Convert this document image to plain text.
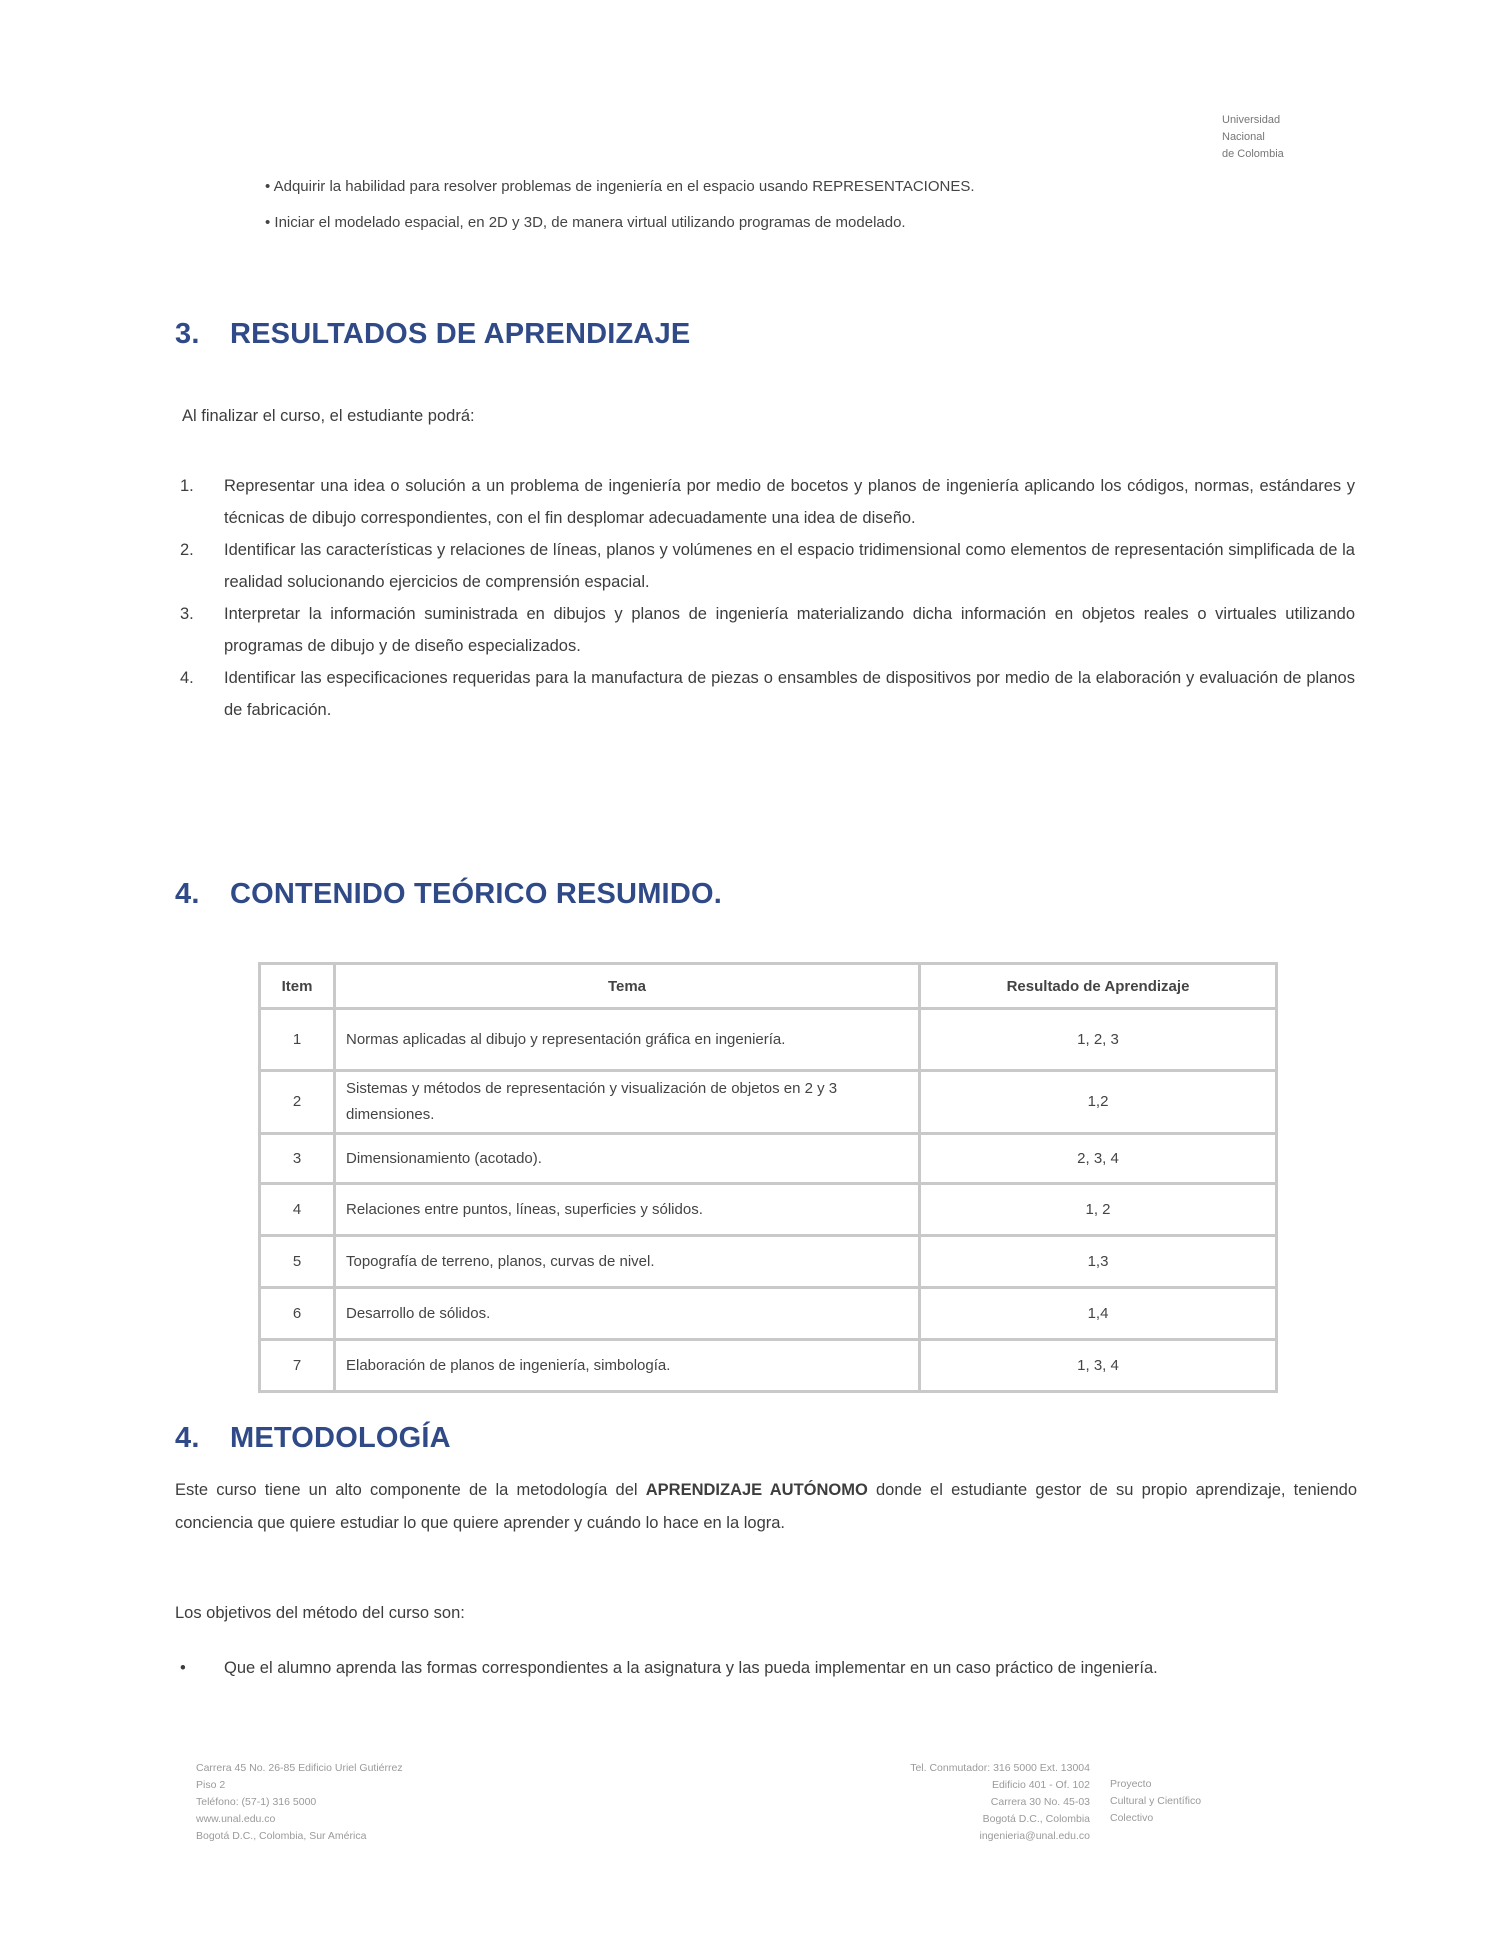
Universidad
Nacional
de Colombia
• Adquirir la habilidad para resolver problemas de ingeniería en el espacio usando REPRESENTACIONES.
• Iniciar el modelado espacial, en 2D y 3D, de manera virtual utilizando programas de modelado.
3. RESULTADOS DE APRENDIZAJE
Al finalizar el curso, el estudiante podrá:
1.	Representar una idea o solución a un problema de ingeniería por medio de bocetos y planos de ingeniería aplicando los códigos, normas, estándares y técnicas de dibujo correspondientes, con el fin desplomar adecuadamente una idea de diseño.
2.	Identificar las características y relaciones de líneas, planos y volúmenes en el espacio tridimensional como elementos de representación simplificada de la realidad solucionando ejercicios de comprensión espacial.
3.	Interpretar la información suministrada en dibujos y planos de ingeniería materializando dicha información en objetos reales o virtuales utilizando programas de dibujo y de diseño especializados.
4.	Identificar las especificaciones requeridas para la manufactura de piezas o ensambles de dispositivos por medio de la elaboración y evaluación de planos de fabricación.
4. CONTENIDO TEÓRICO RESUMIDO.
Item	Tema	Resultado de Aprendizaje
1	Normas aplicadas al dibujo y representación gráfica en ingeniería.	1, 2, 3
2	Sistemas y métodos de representación y visualización de objetos en 2 y 3 dimensiones.	1,2
3	Dimensionamiento (acotado).	2, 3, 4
4	Relaciones entre puntos, líneas, superficies y sólidos.	1, 2
5	Topografía de terreno, planos, curvas de nivel.	1,3
6	Desarrollo de sólidos.	1,4
7	Elaboración de planos de ingeniería, simbología.	1, 3, 4
4. METODOLOGÍA
Este curso tiene un alto componente de la metodología del APRENDIZAJE AUTÓNOMO donde el estudiante gestor de su propio aprendizaje, teniendo conciencia que quiere estudiar lo que quiere aprender y cuándo lo hace en la logra.
Los objetivos del método del curso son:
•	Que el alumno aprenda las formas correspondientes a la asignatura y las pueda implementar en un caso práctico de ingeniería.
Carrera 45 No. 26-85 Edificio Uriel Gutiérrez
Piso 2
Teléfono: (57-1) 316 5000
www.unal.edu.co
Bogotá D.C., Colombia, Sur América
Tel. Conmutador: 316 5000 Ext. 13004
Edificio 401 - Of. 102
Carrera 30 No. 45-03
Bogotá D.C., Colombia
ingenieria@unal.edu.co
Proyecto
Cultural y Científico
Colectivo
